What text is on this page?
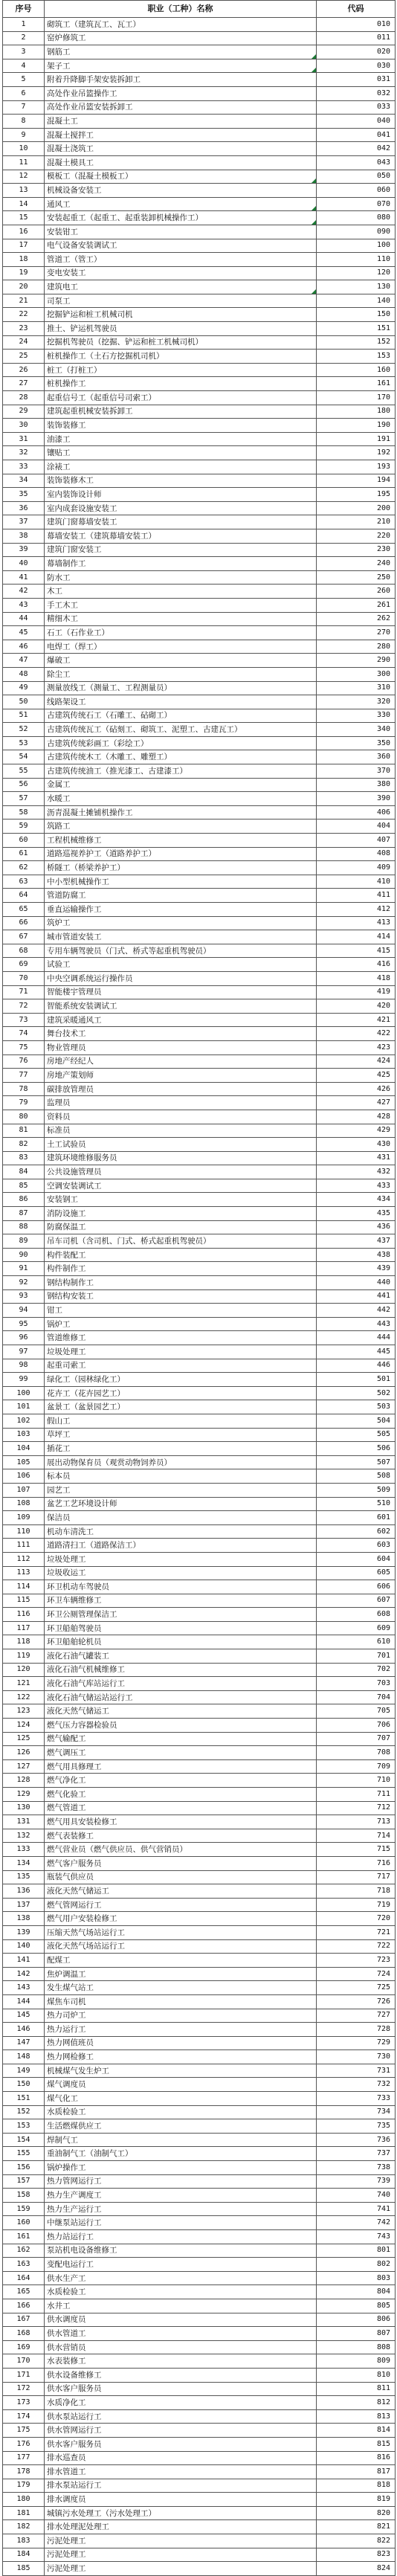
序号	职业（工种）名称	代码
1	砌筑工（建筑瓦工、瓦工）	010
2	窑炉修筑工	011
3	钢筋工	020
4	架子工	030
5	附着升降脚手架安装拆卸工	031
6	高处作业吊篮操作工	032
7	高处作业吊篮安装拆卸工	033
8	混凝土工	040
9	混凝土搅拌工	041
10	混凝土浇筑工	042
11	混凝土模具工	043
12	模板工（混凝土模板工）	050
13	机械设备安装工	060
14	通风工	070
15	安装起重工（起重工、起重装卸机械操作工）	080
16	安装钳工	090
17	电气设备安装调试工	100
18	管道工（管工）	110
19	变电安装工	120
20	建筑电工	130
21	司泵工	140
22	挖掘铲运和桩工机械司机	150
23	推土、铲运机驾驶员	151
24	挖掘机驾驶员（挖掘、铲运和桩工机械司机）	152
25	桩机操作工（土石方挖掘机司机）	153
26	桩工（打桩工）	160
27	桩机操作工	161
28	起重信号工（起重信号司索工）	170
29	建筑起重机械安装拆卸工	180
30	装饰装修工	190
31	油漆工	191
32	镶贴工	192
33	涂裱工	193
34	装饰装修木工	194
35	室内装饰设计师	195
36	室内成套设施安装工	200
37	建筑门窗幕墙安装工	210
38	幕墙安装工（建筑幕墙安装工）	220
39	建筑门窗安装工	230
40	幕墙制作工	240
41	防水工	250
42	木工	260
43	手工木工	261
44	精细木工	262
45	石工（石作业工）	270
46	电焊工（焊工）	280
47	爆破工	290
48	除尘工	300
49	测量放线工（测量工、工程测量员）	310
50	线路架设工	320
51	古建筑传统石工（石雕工、砧砌工）	330
52	古建筑传统瓦工（砧刻工、砌筑工、泥塑工、古建瓦工）	340
53	古建筑传统彩画工（彩绘工）	350
54	古建筑传统木工（木雕工、雕塑工）	360
55	古建筑传统油工（推光漆工、古建漆工）	370
56	金属工	380
57	水暖工	390
58	沥青混凝土摊铺机操作工	406
59	筑路工	404
60	工程机械维修工	407
61	道路巡视养护工（道路养护工）	408
62	桥隧工（桥梁养护工）	409
63	中小型机械操作工	410
64	管道防腐工	411
65	垂直运输操作工	412
66	筑炉工	413
67	城市管道安装工	414
68	专用车辆驾驶员（门式、桥式等起重机驾驶员）	415
69	试验工	416
70	中央空调系统运行操作员	418
71	智能楼宇管理员	419
72	智能系统安装调试工	420
73	建筑采暖通风工	421
74	舞台技术工	422
75	物业管理员	423
76	房地产经纪人	424
77	房地产策划师	425
78	碳排放管理员	426
79	监理员	427
80	资料员	428
81	标准员	429
82	土工试验员	430
83	建筑环境维修服务员	431
84	公共设施管理员	432
85	空调安装调试工	433
86	安装钢工	434
87	消防设施工	435
88	防腐保温工	436
89	吊车司机（含司机、门式、桥式起重机驾驶员）	437
90	构件装配工	438
91	构件制作工	439
92	钢结构制作工	440
93	钢结构安装工	441
94	钳工	442
95	锅炉工	443
96	管道维修工	444
97	垃圾处理工	445
98	起重司索工	446
99	绿化工（园林绿化工）	501
100	花卉工（花卉园艺工）	502
101	盆景工（盆景园艺工）	503
102	假山工	504
103	草坪工	505
104	插花工	506
105	展出动物保育员（观赏动物饲养员）	507
106	标本员	508
107	园艺工	509
108	盆艺工艺环境设计师	510
109	保洁员	601
110	机动车清洗工	602
111	道路清扫工（道路保洁工）	603
112	垃圾处理工	604
113	垃圾收运工	605
114	环卫机动车驾驶员	606
115	环卫车辆维修工	607
116	环卫公厕管理保洁工	608
117	环卫船舶驾驶员	609
118	环卫船舶轮机员	610
119	液化石油气罐装工	701
120	液化石油气机械维修工	702
121	液化石油气库站运行工	703
122	液化石油气储运站运行工	704
123	液化天然气储运工	705
124	燃气压力容器检验员	706
125	燃气输配工	707
126	燃气调压工	708
127	燃气用具修理工	709
128	燃气净化工	710
129	燃气化验工	711
130	燃气管道工	712
131	燃气用具安装检修工	713
132	燃气表装修工	714
133	燃气营业员（燃气供应员、供气营销员）	715
134	燃气客户服务员	716
135	瓶装气供应员	717
136	液化天然气储运工	718
137	燃气管网运行工	719
138	燃气用户安装检修工	720
139	压缩天然气场站运行工	721
140	液化天然气场站运行工	722
141	配煤工	723
142	焦炉调温工	724
143	发生煤气站工	725
144	煤焦车司机	726
145	热力司炉工	727
146	热力运行工	728
147	热力网值班员	729
148	热力网检修工	730
149	机械煤气发生炉工	731
150	煤气调度员	732
151	煤气化工	733
152	水质检验工	734
153	生活燃煤供应工	735
154	焊制气工	736
155	重油制气工（油制气工）	737
156	锅炉操作工	738
157	热力管网运行工	739
158	热力生产调度工	740
159	热力生产运行工	741
160	中继泵站运行工	742
161	热力站运行工	743
162	泵站机电设备维修工	801
163	变配电运行工	802
164	供水生产工	803
165	水质检验工	804
166	水井工	805
167	供水调度员	806
168	供水管道工	807
169	供水营销员	808
170	水表装修工	809
171	供水设备维修工	810
172	供水客户服务员	811
173	水质净化工	812
174	供水泵站运行工	813
175	供水管网运行工	814
176	供水客户服务员	815
177	排水巡查员	816
178	排水管道工	817
179	排水泵站运行工	818
180	排水调度员	819
181	城镇污水处理工（污水处理工）	820
182	排水处理泥处理工	821
183	污泥处理工	822
184	污泥处理工	823
185	污泥处理工	824
